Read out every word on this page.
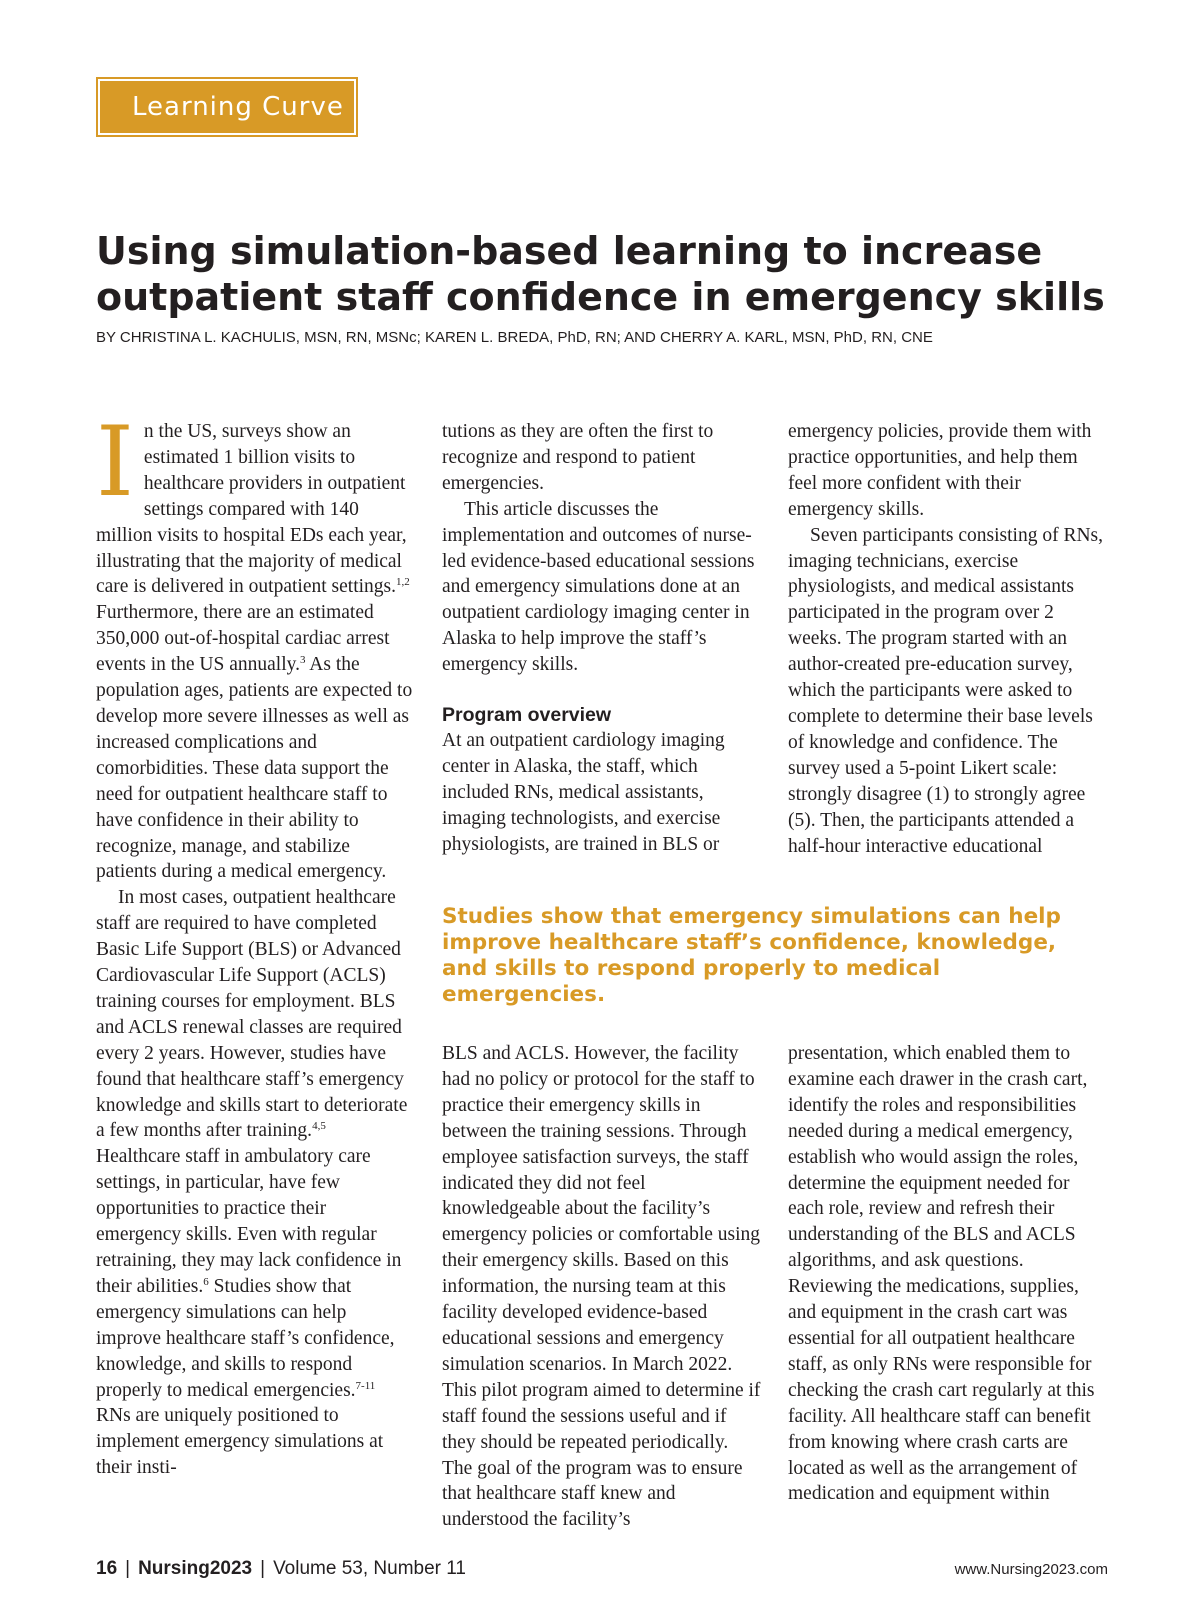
Learning Curve
Using simulation-based learning to increase outpatient staff confidence in emergency skills
BY CHRISTINA L. KACHULIS, MSN, RN, MSNc; KAREN L. BREDA, PhD, RN; AND CHERRY A. KARL, MSN, PhD, RN, CNE

In the US, surveys show an estimated 1 billion visits to healthcare providers in outpatient settings compared with 140 million visits to hospital EDs each year, illustrating that the majority of medical care is delivered in outpatient settings.$^{1,2}$ Furthermore, there are an estimated 350,000 out-of-hospital cardiac arrest events in the US annually.$^3$ As the population ages, patients are expected to develop more severe illnesses as well as increased complications and comorbidities. These data support the need for outpatient healthcare staff to have confidence in their ability to recognize, manage, and stabilize patients during a medical emergency.

In most cases, outpatient healthcare staff are required to have completed Basic Life Support (BLS) or Advanced Cardiovascular Life Support (ACLS) training courses for employment. BLS and ACLS renewal classes are required every 2 years. However, studies have found that healthcare staff’s emergency knowledge and skills start to deteriorate a few months after training.$^{4,5}$ Healthcare staff in ambulatory care settings, in particular, have few opportunities to practice their emergency skills. Even with regular retraining, they may lack confidence in their abilities.$^6$ Studies show that emergency simulations can help improve healthcare staff’s confidence, knowledge, and skills to respond properly to medical emergencies.$^{7-11}$ RNs are uniquely positioned to implement emergency simulations at their insti-

tutions as they are often the first to recognize and respond to patient emergencies.

This article discusses the implementation and outcomes of nurse-led evidence-based educational sessions and emergency simulations done at an outpatient cardiology imaging center in Alaska to help improve the staff’s emergency skills.

Program overview

At an outpatient cardiology imaging center in Alaska, the staff, which included RNs, medical assistants, imaging technologists, and exercise physiologists, are trained in BLS or

emergency policies, provide them with practice opportunities, and help them feel more confident with their emergency skills.

Seven participants consisting of RNs, imaging technicians, exercise physiologists, and medical assistants participated in the program over 2 weeks. The program started with an author-created pre-education survey, which the participants were asked to complete to determine their base levels of knowledge and confidence. The survey used a 5-point Likert scale: strongly disagree (1) to strongly agree (5). Then, the participants attended a half-hour interactive educational

Studies show that emergency simulations can help improve healthcare staff’s confidence, knowledge, and skills to respond properly to medical emergencies.

BLS and ACLS. However, the facility had no policy or protocol for the staff to practice their emergency skills in between the training sessions. Through employee satisfaction surveys, the staff indicated they did not feel knowledgeable about the facility’s emergency policies or comfortable using their emergency skills. Based on this information, the nursing team at this facility developed evidence-based educational sessions and emergency simulation scenarios. In March 2022. This pilot program aimed to determine if staff found the sessions useful and if they should be repeated periodically. The goal of the program was to ensure that healthcare staff knew and understood the facility’s

presentation, which enabled them to examine each drawer in the crash cart, identify the roles and responsibilities needed during a medical emergency, establish who would assign the roles, determine the equipment needed for each role, review and refresh their understanding of the BLS and ACLS algorithms, and ask questions. Reviewing the medications, supplies, and equipment in the crash cart was essential for all outpatient healthcare staff, as only RNs were responsible for checking the crash cart regularly at this facility. All healthcare staff can benefit from knowing where crash carts are located as well as the arrangement of medication and equipment within

16 | Nursing2023 | Volume 53, Number 11	www.Nursing2023.com
